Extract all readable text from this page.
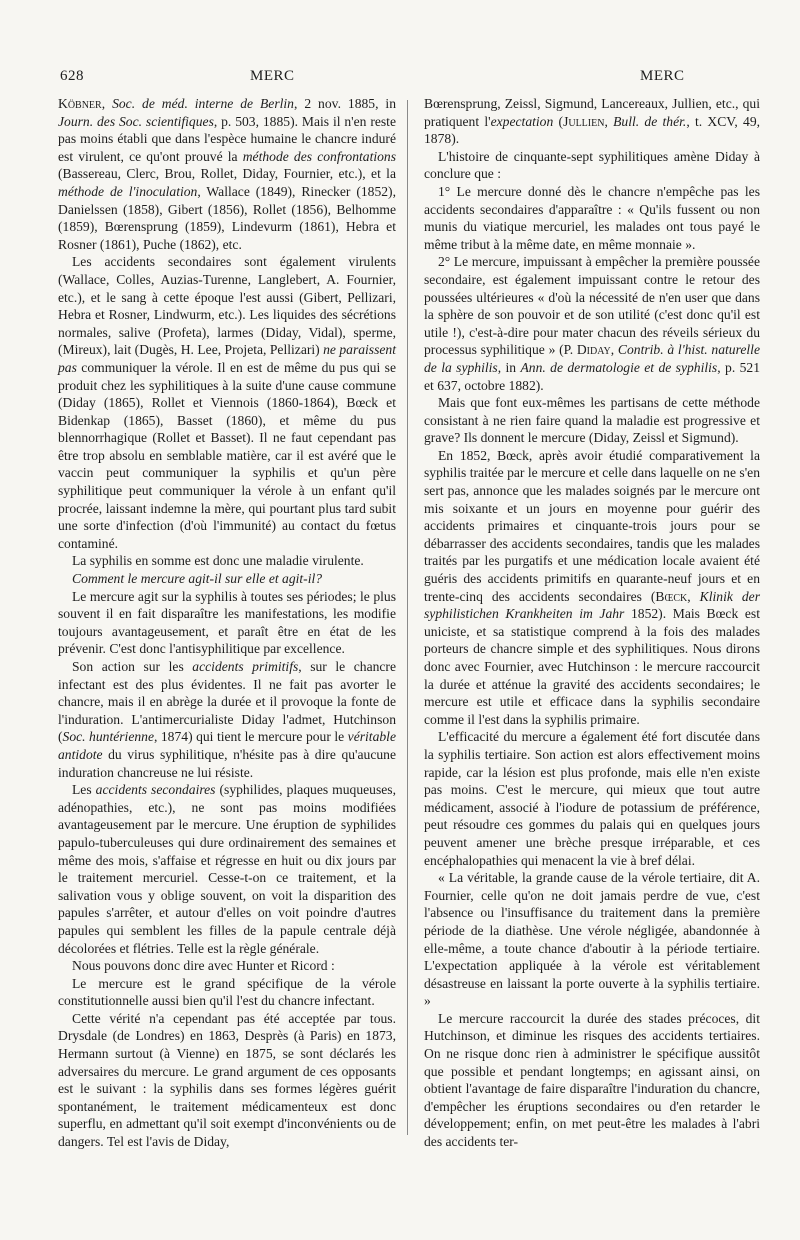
628	MERC	MERC

Köbner, Soc. de méd. interne de Berlin, 2 nov. 1885, in Journ. des Soc. scientifiques, p. 503, 1885). Mais il n'en reste pas moins établi que dans l'espèce humaine le chancre induré est virulent, ce qu'ont prouvé la méthode des confrontations (Bassereau, Clerc, Brou, Rollet, Diday, Fournier, etc.), et la méthode de l'inoculation, Wallace (1849), Rinecker (1852), Danielssen (1858), Gibert (1856), Rollet (1856), Belhomme (1859), Bœrensprung (1859), Lindevurm (1861), Hebra et Rosner (1861), Puche (1862), etc.

Les accidents secondaires sont également virulents (Wallace, Colles, Auzias-Turenne, Langlebert, A. Fournier, etc.), et le sang à cette époque l'est aussi (Gibert, Pellizari, Hebra et Rosner, Lindwurm, etc.). Les liquides des sécrétions normales, salive (Profeta), larmes (Diday, Vidal), sperme, (Mireux), lait (Dugès, H. Lee, Projeta, Pellizari) ne paraissent pas communiquer la vérole. Il en est de même du pus qui se produit chez les syphilitiques à la suite d'une cause commune (Diday (1865), Rollet et Viennois (1860-1864), Bœck et Bidenkap (1865), Basset (1860), et même du pus blennorrhagique (Rollet et Basset). Il ne faut cependant pas être trop absolu en semblable matière, car il est avéré que le vaccin peut communiquer la syphilis et qu'un père syphilitique peut communiquer la vérole à un enfant qu'il procrée, laissant indemne la mère, qui pourtant plus tard subit une sorte d'infection (d'où l'immunité) au contact du fœtus contaminé.

La syphilis en somme est donc une maladie virulente.

Comment le mercure agit-il sur elle et agit-il?

Le mercure agit sur la syphilis à toutes ses périodes; le plus souvent il en fait disparaître les manifestations, les modifie toujours avantageusement, et paraît être en état de les prévenir. C'est donc l'antisyphilitique par excellence.

Son action sur les accidents primitifs, sur le chancre infectant est des plus évidentes. Il ne fait pas avorter le chancre, mais il en abrège la durée et il provoque la fonte de l'induration. L'antimercurialiste Diday l'admet, Hutchinson (Soc. huntérienne, 1874) qui tient le mercure pour le véritable antidote du virus syphilitique, n'hésite pas à dire qu'aucune induration chancreuse ne lui résiste.

Les accidents secondaires (syphilides, plaques muqueuses, adénopathies, etc.), ne sont pas moins modifiées avantageusement par le mercure. Une éruption de syphilides papulo-tuberculeuses qui dure ordinairement des semaines et même des mois, s'affaise et régresse en huit ou dix jours par le traitement mercuriel. Cesse-t-on ce traitement, et la salivation vous y oblige souvent, on voit la disparition des papules s'arrêter, et autour d'elles on voit poindre d'autres papules qui semblent les filles de la papule centrale déjà décolorées et flétries. Telle est la règle générale.

Nous pouvons donc dire avec Hunter et Ricord :

Le mercure est le grand spécifique de la vérole constitutionnelle aussi bien qu'il l'est du chancre infectant.

Cette vérité n'a cependant pas été acceptée par tous. Drysdale (de Londres) en 1863, Desprès (à Paris) en 1873, Hermann surtout (à Vienne) en 1875, se sont déclarés les adversaires du mercure. Le grand argument de ces opposants est le suivant : la syphilis dans ses formes légères guérit spontanément, le traitement médicamenteux est donc superflu, en admettant qu'il soit exempt d'inconvénients ou de dangers. Tel est l'avis de Diday,

Bœrensprung, Zeissl, Sigmund, Lancereaux, Jullien, etc., qui pratiquent l'expectation (Jullien, Bull. de thér., t. XCV, 49, 1878).

L'histoire de cinquante-sept syphilitiques amène Diday à conclure que :

1° Le mercure donné dès le chancre n'empêche pas les accidents secondaires d'apparaître : « Qu'ils fussent ou non munis du viatique mercuriel, les malades ont tous payé le même tribut à la même date, en même monnaie ».

2° Le mercure, impuissant à empêcher la première poussée secondaire, est également impuissant contre le retour des poussées ultérieures « d'où la nécessité de n'en user que dans la sphère de son pouvoir et de son utilité (c'est donc qu'il est utile !), c'est-à-dire pour mater chacun des réveils sérieux du processus syphilitique » (P. Diday, Contrib. à l'hist. naturelle de la syphilis, in Ann. de dermatologie et de syphilis, p. 521 et 637, octobre 1882).

Mais que font eux-mêmes les partisans de cette méthode consistant à ne rien faire quand la maladie est progressive et grave? Ils donnent le mercure (Diday, Zeissl et Sigmund).

En 1852, Bœck, après avoir étudié comparativement la syphilis traitée par le mercure et celle dans laquelle on ne s'en sert pas, annonce que les malades soignés par le mercure ont mis soixante et un jours en moyenne pour guérir des accidents primaires et cinquante-trois jours pour se débarrasser des accidents secondaires, tandis que les malades traités par les purgatifs et une médication locale avaient été guéris des accidents primitifs en quarante-neuf jours et en trente-cinq des accidents secondaires (Bœck, Klinik der syphilistichen Krankheiten im Jahr 1852). Mais Bœck est uniciste, et sa statistique comprend à la fois des malades porteurs de chancre simple et des syphilitiques. Nous dirons donc avec Fournier, avec Hutchinson : le mercure raccourcit la durée et atténue la gravité des accidents secondaires; le mercure est utile et efficace dans la syphilis secondaire comme il l'est dans la syphilis primaire.

L'efficacité du mercure a également été fort discutée dans la syphilis tertiaire. Son action est alors effectivement moins rapide, car la lésion est plus profonde, mais elle n'en existe pas moins. C'est le mercure, qui mieux que tout autre médicament, associé à l'iodure de potassium de préférence, peut résoudre ces gommes du palais qui en quelques jours peuvent amener une brèche presque irréparable, et ces encéphalopathies qui menacent la vie à bref délai.

« La véritable, la grande cause de la vérole tertiaire, dit A. Fournier, celle qu'on ne doit jamais perdre de vue, c'est l'absence ou l'insuffisance du traitement dans la première période de la diathèse. Une vérole négligée, abandonnée à elle-même, a toute chance d'aboutir à la période tertiaire. L'expectation appliquée à la vérole est véritablement désastreuse en laissant la porte ouverte à la syphilis tertiaire. »

Le mercure raccourcit la durée des stades précoces, dit Hutchinson, et diminue les risques des accidents tertiaires. On ne risque donc rien à administrer le spécifique aussitôt que possible et pendant longtemps; en agissant ainsi, on obtient l'avantage de faire disparaître l'induration du chancre, d'empêcher les éruptions secondaires ou d'en retarder le développement; enfin, on met peut-être les malades à l'abri des accidents ter-
